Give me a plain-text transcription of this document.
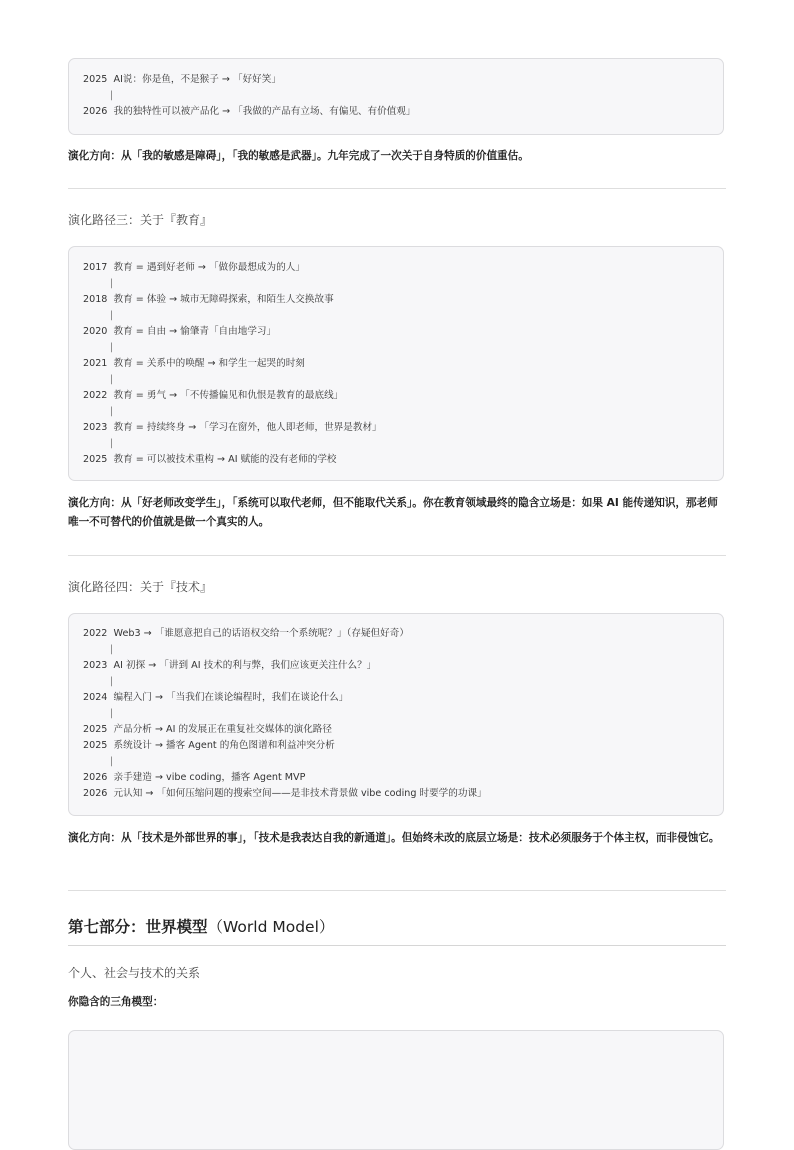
2025 AI说：你是鱼，不是猴子 → 「好好笑」
|
2026 我的独特性可以被产品化 → 「我做的产品有立场、有偏见、有价值观」
演化方向：从「我的敏感是障碍」，「我的敏感是武器」。九年完成了一次关于自身特质的价值重估。
演化路径三：关于『教育』
2017 教育 = 遇到好老师 → 「做你最想成为的人」
|
2018 教育 = 体验 → 城市无障碍探索，和陌生人交换故事
|
2020 教育 = 自由 → 愉肇青「自由地学习」
|
2021 教育 = 关系中的唤醒 → 和学生一起哭的时刻
|
2022 教育 = 勇气 → 「不传播偏见和仇恨是教育的最底线」
|
2023 教育 = 持续终身 → 「学习在窗外，他人即老师，世界是教材」
|
2025 教育 = 可以被技术重构 → AI 赋能的没有老师的学校
演化方向：从「好老师改变学生」，「系统可以取代老师，但不能取代关系」。你在教育领域最终的隐含立场是：如果 AI 能传递知识，那老师唯一不可替代的价值就是做一个真实的人。
演化路径四：关于『技术』
2022 Web3 → 「谁愿意把自己的话语权交给一个系统呢？」（存疑但好奇）
|
2023 AI 初探 → 「讲到 AI 技术的利与弊，我们应该更关注什么？」
|
2024 编程入门 → 「当我们在谈论编程时，我们在谈论什么」
|
2025 产品分析 → AI 的发展正在重复社交媒体的演化路径
2025 系统设计 → 播客 Agent 的角色图谱和利益冲突分析
|
2026 亲手建造 → vibe coding，播客 Agent MVP
2026 元认知 → 「如何压缩问题的搜索空间——是非技术背景做 vibe coding 时要学的功课」
演化方向：从「技术是外部世界的事」，「技术是我表达自我的新通道」。但始终未改的底层立场是：技术必须服务于个体主权，而非侵蚀它。
第七部分：世界模型（World Model）
个人、社会与技术的关系
你隐含的三角模型：
